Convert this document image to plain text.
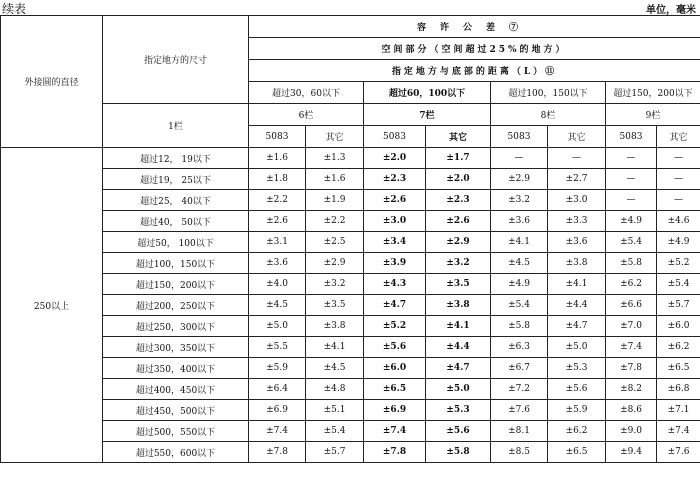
续表	单位，毫米
外接圆的直径	指定地方的尺寸	容许公差⑦							
		空间部分（空间超过25%的地方）							
		指定地方与底部的距离（L）⑪							
		超过30，60以下		超过60，100以下		超过100，150以下		超过150，200以下	
	1栏	6栏		7栏		8栏		9栏	
		5083	其它	5083	其它	5083	其它	5083	其它
250以上	超过12， 19以下	±1.6	±1.3	±2.0	±1.7	—	—	—	—
	超过19， 25以下	±1.8	±1.6	±2.3	±2.0	±2.9	±2.7	—	—
	超过25， 40以下	±2.2	±1.9	±2.6	±2.3	±3.2	±3.0	—	—
	超过40， 50以下	±2.6	±2.2	±3.0	±2.6	±3.6	±3.3	±4.9	±4.6
	超过50， 100以下	±3.1	±2.5	±3.4	±2.9	±4.1	±3.6	±5.4	±4.9
	超过100，150以下	±3.6	±2.9	±3.9	±3.2	±4.5	±3.8	±5.8	±5.2
	超过150，200以下	±4.0	±3.2	±4.3	±3.5	±4.9	±4.1	±6.2	±5.4
	超过200，250以下	±4.5	±3.5	±4.7	±3.8	±5.4	±4.4	±6.6	±5.7
	超过250，300以下	±5.0	±3.8	±5.2	±4.1	±5.8	±4.7	±7.0	±6.0
	超过300，350以下	±5.5	±4.1	±5.6	±4.4	±6.3	±5.0	±7.4	±6.2
	超过350，400以下	±5.9	±4.5	±6.0	±4.7	±6.7	±5.3	±7.8	±6.5
	超过400，450以下	±6.4	±4.8	±6.5	±5.0	±7.2	±5.6	±8.2	±6.8
	超过450，500以下	±6.9	±5.1	±6.9	±5.3	±7.6	±5.9	±8.6	±7.1
	超过500，550以下	±7.4	±5.4	±7.4	±5.6	±8.1	±6.2	±9.0	±7.4
	超过550，600以下	±7.8	±5.7	±7.8	±5.8	±8.5	±6.5	±9.4	±7.6
